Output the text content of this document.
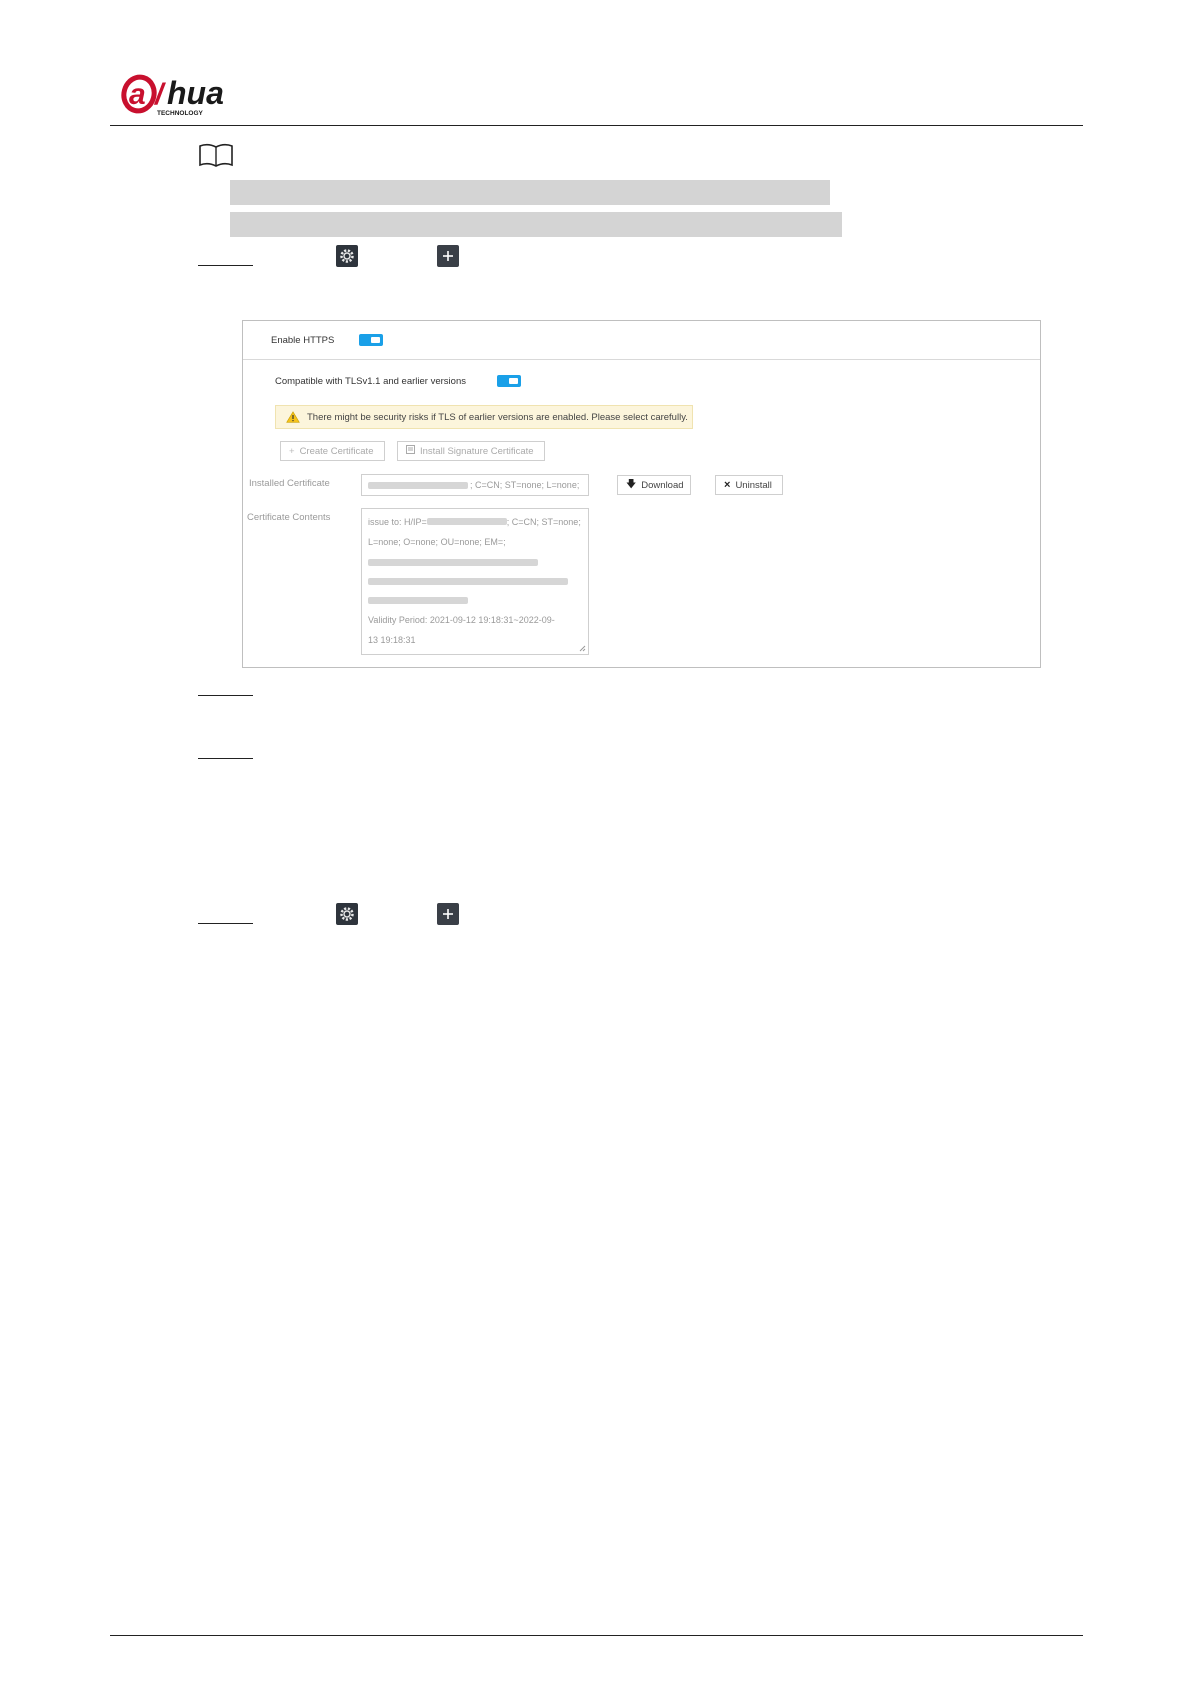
a / hua
TECHNOLOGY
Enable HTTPS
Compatible with TLSv1.1 and earlier versions
There might be security risks if TLS of earlier versions are enabled. Please select carefully.
+ Create Certificate	Install Signature Certificate
Installed Certificate	; C=CN; ST=none; L=none;	🡇 Download	× Uninstall
Certificate Contents	issue to: H/IP=	; C=CN; ST=none;
L=none; O=none; OU=none; EM=;
Validity Period: 2021-09-12 19:18:31~2022-09-
13 19:18:31
